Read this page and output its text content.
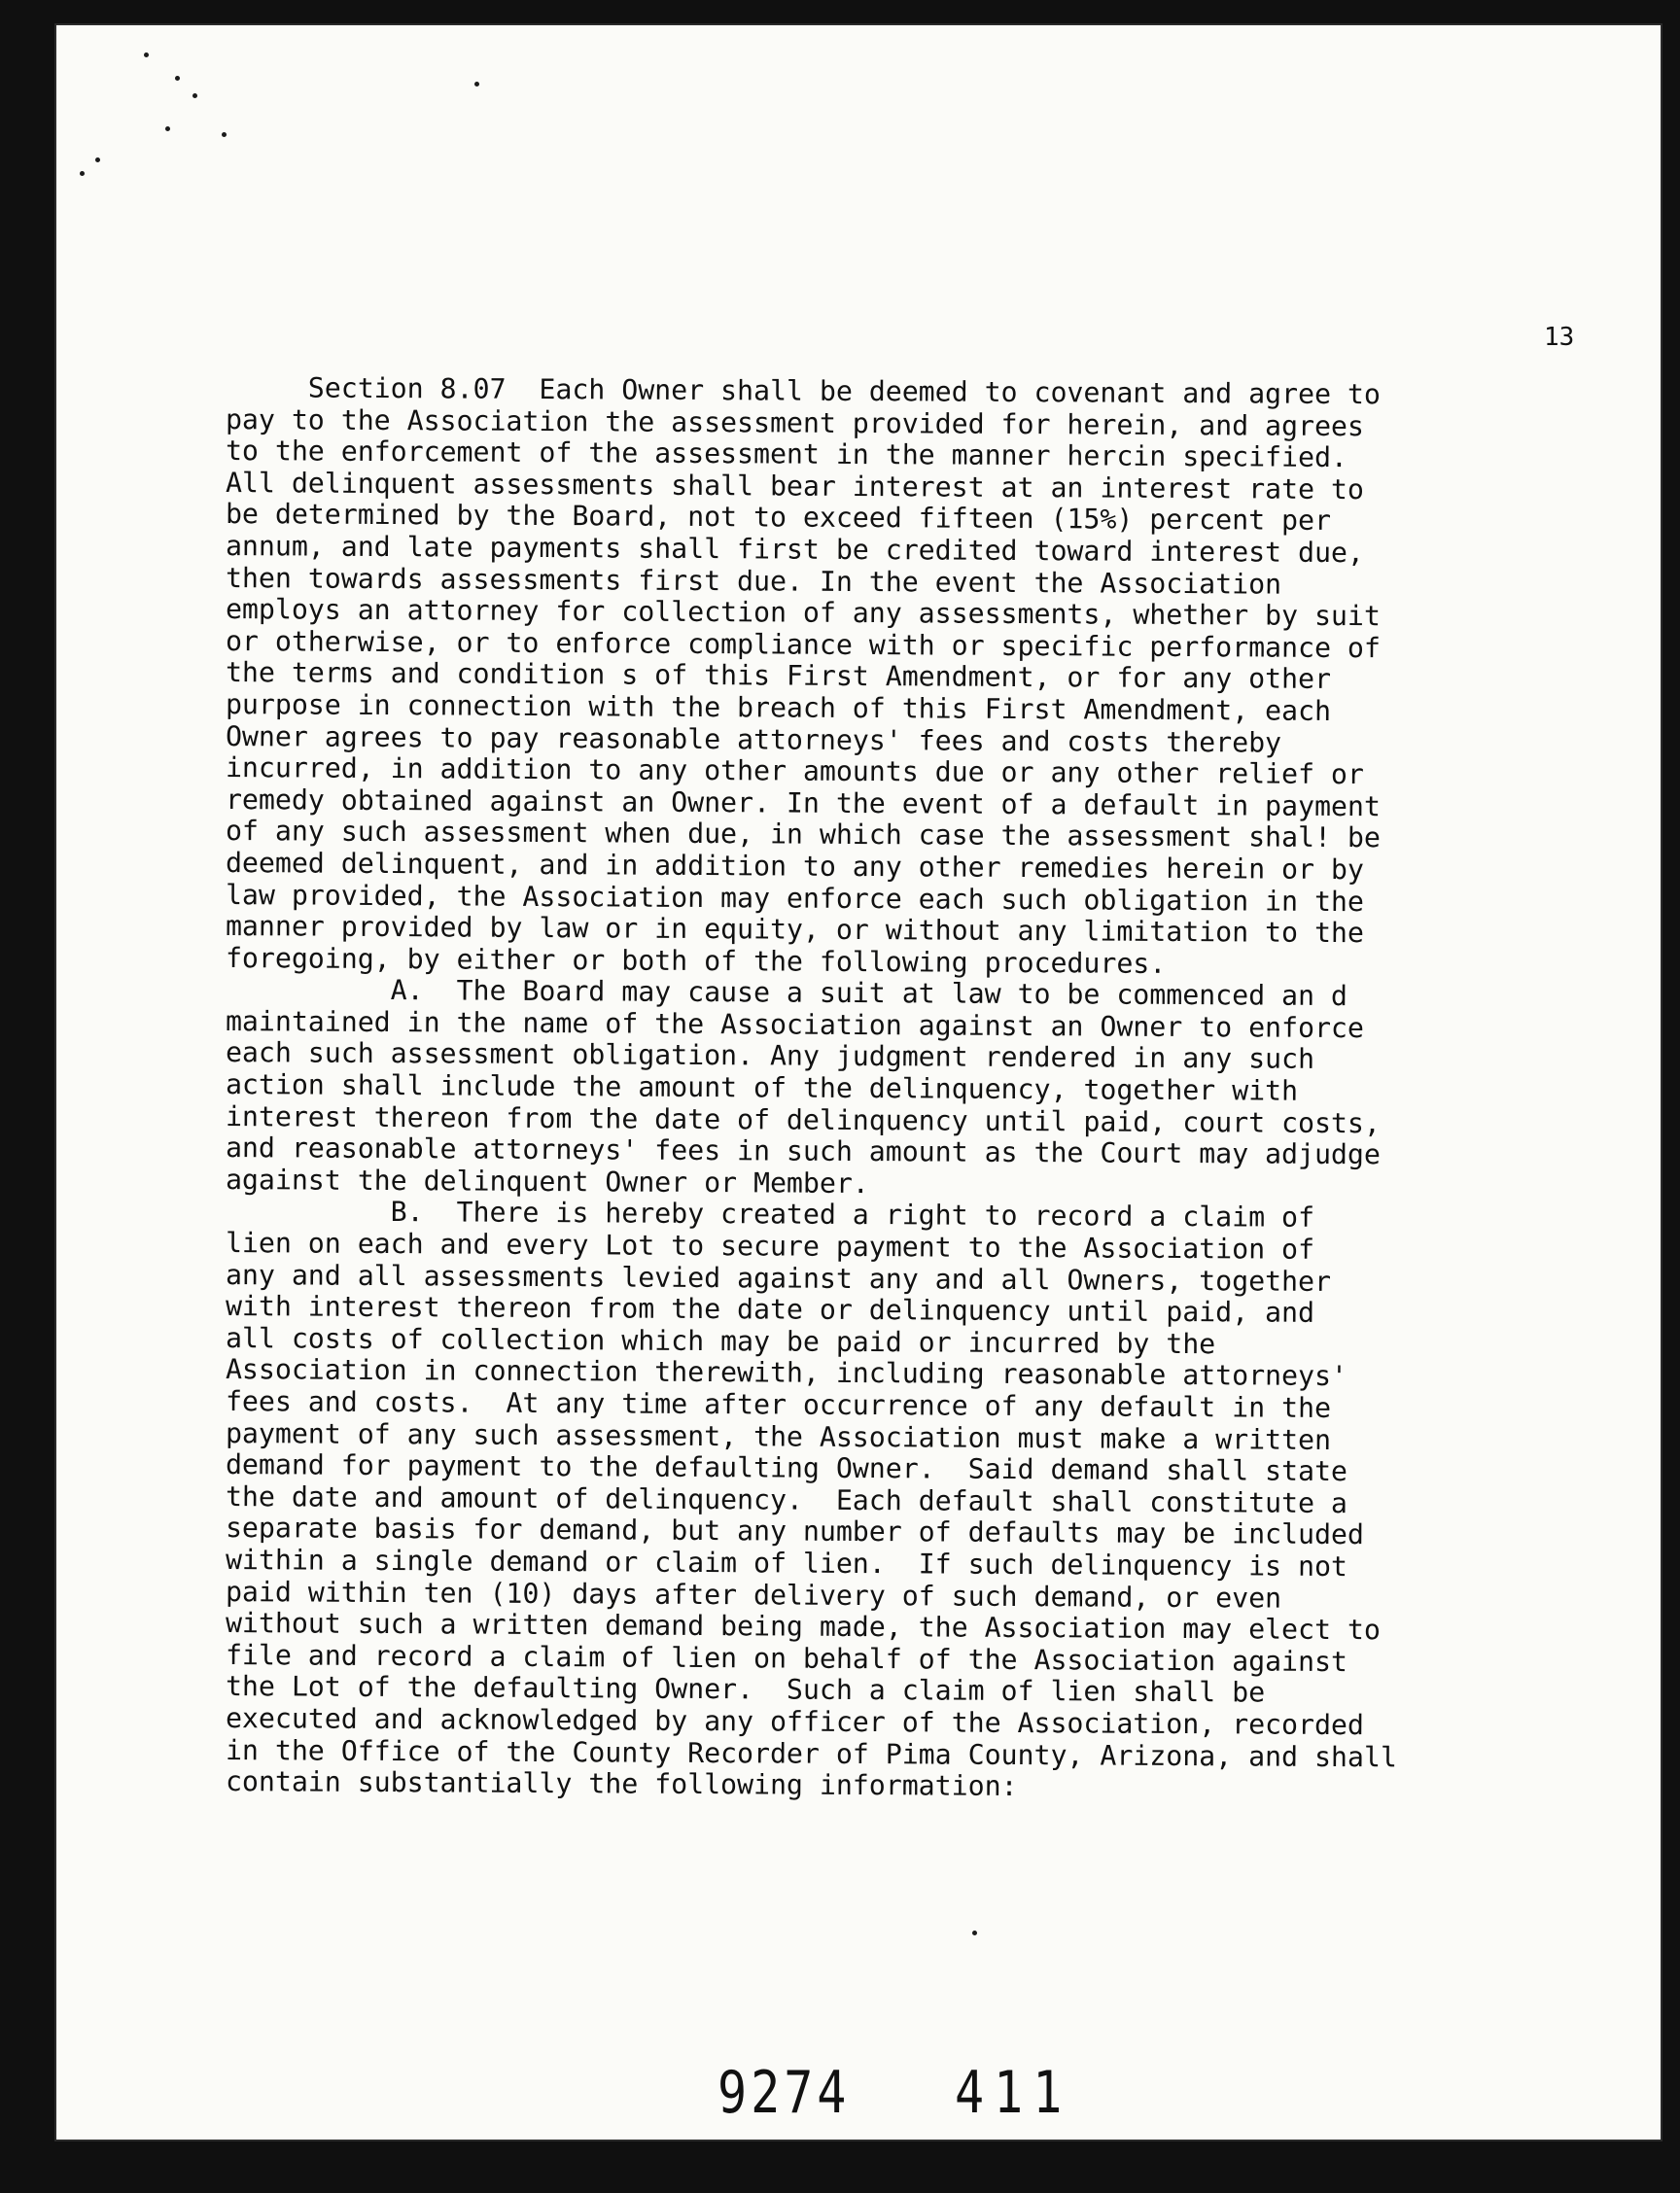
13

Section 8.07  Each Owner shall be deemed to covenant and agree to

pay to the Association the assessment provided for herein, and agrees

to the enforcement of the assessment in the manner hercin specified.

All delinquent assessments shall bear interest at an interest rate to

be determined by the Board, not to exceed fifteen (15%) percent per

annum, and late payments shall first be credited toward interest due,

then towards assessments first due. In the event the Association

employs an attorney for collection of any assessments, whether by suit

or otherwise, or to enforce compliance with or specific performance of

the terms and condition s of this First Amendment, or for any other

purpose in connection with the breach of this First Amendment, each

Owner agrees to pay reasonable attorneys' fees and costs thereby

incurred, in addition to any other amounts due or any other relief or

remedy obtained against an Owner. In the event of a default in payment

of any such assessment when due, in which case the assessment shal! be

deemed delinquent, and in addition to any other remedies herein or by

law provided, the Association may enforce each such obligation in the

manner provided by law or in equity, or without any limitation to the

foregoing, by either or both of the following procedures.

A.  The Board may cause a suit at law to be commenced an d

maintained in the name of the Association against an Owner to enforce

each such assessment obligation. Any judgment rendered in any such

action shall include the amount of the delinquency, together with

interest thereon from the date of delinquency until paid, court costs,

and reasonable attorneys' fees in such amount as the Court may adjudge

against the delinquent Owner or Member.

B.  There is hereby created a right to record a claim of

lien on each and every Lot to secure payment to the Association of

any and all assessments levied against any and all Owners, together

with interest thereon from the date or delinquency until paid, and

all costs of collection which may be paid or incurred by the

Association in connection therewith, including reasonable attorneys'

fees and costs.  At any time after occurrence of any default in the

payment of any such assessment, the Association must make a written

demand for payment to the defaulting Owner.  Said demand shall state

the date and amount of delinquency.  Each default shall constitute a

separate basis for demand, but any number of defaults may be included

within a single demand or claim of lien.  If such delinquency is not

paid within ten (10) days after delivery of such demand, or even

without such a written demand being made, the Association may elect to

file and record a claim of lien on behalf of the Association against

the Lot of the defaulting Owner.  Such a claim of lien shall be

executed and acknowledged by any officer of the Association, recorded

in the Office of the County Recorder of Pima County, Arizona, and shall

contain substantially the following information:

9274 411
